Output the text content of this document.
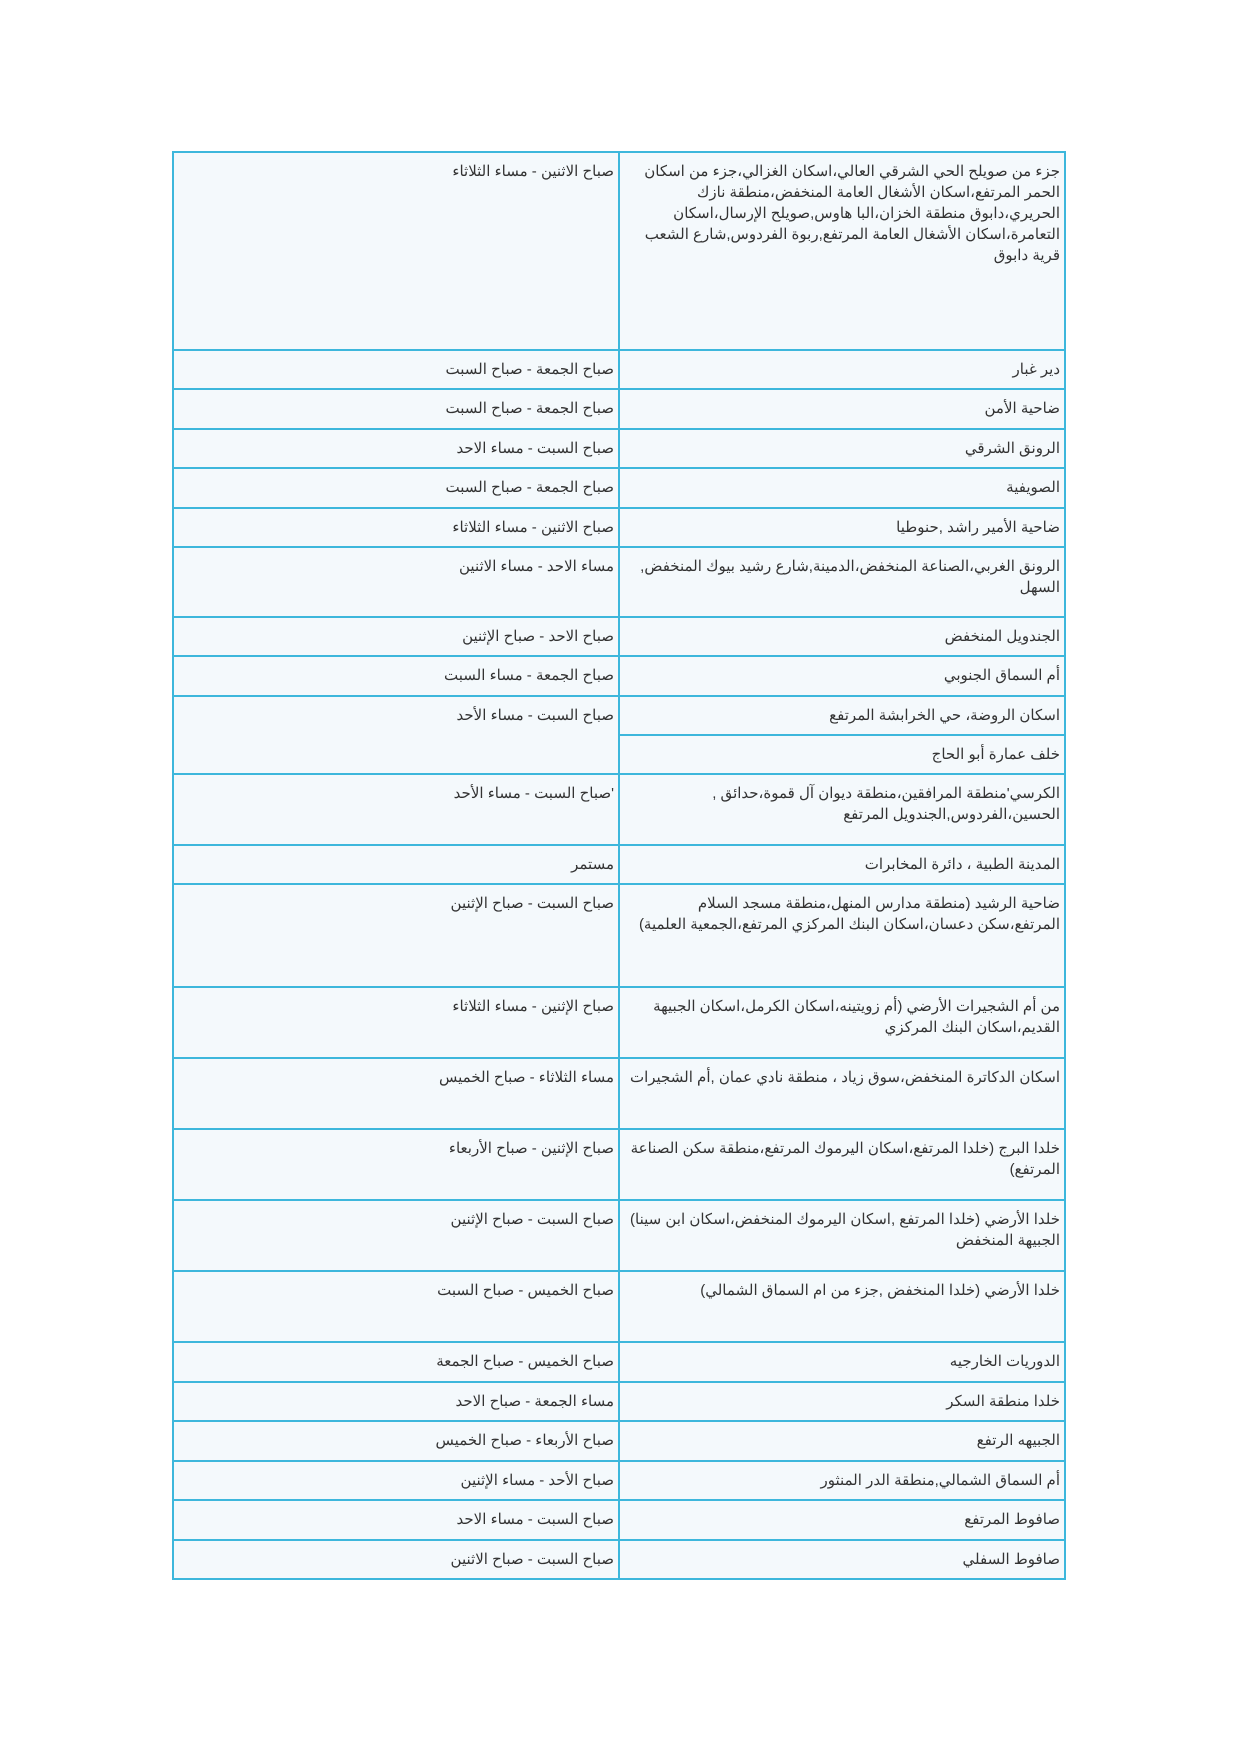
جزء من صويلح الحي الشرقي العالي،اسكان الغزالي،جزء من اسكان الحمر المرتفع،اسكان الأشغال العامة المنخفض،منطقة نازك الحريري،دابوق منطقة الخزان،البا هاوس,صويلح الإرسال،اسكان التعامرة،اسكان الأشغال العامة المرتفع,ربوة الفردوس,شارع الشعب قرية دابوق	صباح الاثنين - مساء الثلاثاء
دير غبار	صباح الجمعة - صباح السبت
ضاحية الأمن	صباح الجمعة - صباح السبت
الرونق الشرقي	صباح السبت - مساء الاحد
الصويفية	صباح الجمعة - صباح السبت
ضاحية الأمير راشد ,حنوطيا	صباح الاثنين - مساء الثلاثاء
الرونق الغربي،الصناعة المنخفض،الدمينة,شارع رشيد بيوك المنخفض, السهل	مساء الاحد - مساء الاثنين
الجندويل المنخفض	صباح الاحد - صباح الإثنين
أم السماق الجنوبي	صباح الجمعة - مساء السبت
اسكان الروضة، حي الخرابشة المرتفع	صباح السبت - مساء الأحد
خلف عمارة أبو الحاج	
الكرسي'منطقة المرافقين،منطقة ديوان آل قموة،حدائق , الحسين،الفردوس,الجندويل المرتفع	'صباح السبت - مساء الأحد
المدينة الطبية ، دائرة المخابرات	مستمر
ضاحية الرشيد (منطقة مدارس المنهل،منطقة مسجد السلام المرتفع،سكن دعسان،اسكان البنك المركزي المرتفع،الجمعية العلمية)	صباح السبت - صباح الإثنين
من أم الشجيرات الأرضي (أم زويتينه،اسكان الكرمل،اسكان الجبيهة القديم،اسكان البنك المركزي	صباح الإثنين - مساء الثلاثاء
اسكان الدكاترة المنخفض،سوق زياد ، منطقة نادي عمان ,أم الشجيرات	مساء الثلاثاء - صباح الخميس
خلدا البرج (خلدا المرتفع،اسكان اليرموك المرتفع،منطقة سكن الصناعة المرتفع)	صباح الإثنين - صباح الأربعاء
خلدا الأرضي (خلدا المرتفع ,اسكان اليرموك المنخفض،اسكان ابن سينا) الجبيهة المنخفض	صباح السبت - صباح الإثنين
خلدا الأرضي (خلدا المنخفض ,جزء من ام السماق الشمالي)	صباح الخميس - صباح السبت
الدوريات الخارجيه	صباح الخميس - صباح الجمعة
خلدا منطقة السكر	مساء الجمعة - صباح الاحد
الجبيهه الرتفع	صباح الأربعاء - صباح الخميس
أم السماق الشمالي,منطقة الدر المنثور	صباح الأحد - مساء الإثنين
صافوط المرتفع	صباح السبت - مساء الاحد
صافوط السفلي	صباح السبت - صباح الاثنين
